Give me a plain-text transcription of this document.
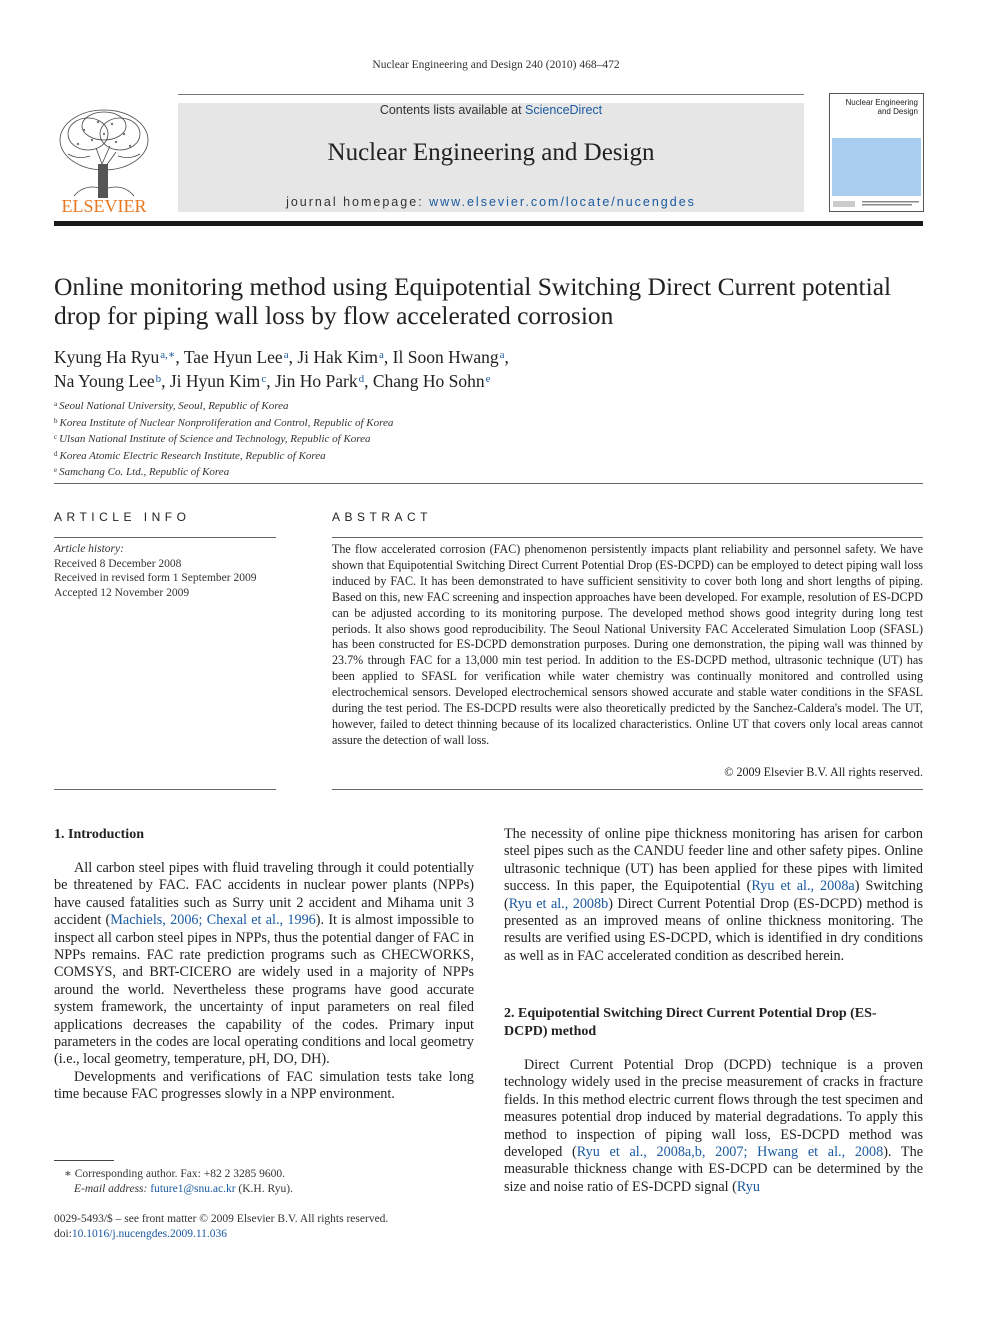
Nuclear Engineering and Design 240 (2010) 468–472
ELSEVIER
Contents lists available at ScienceDirect
Nuclear Engineering and Design
journal homepage: www.elsevier.com/locate/nucengdes
Nuclear Engineering and Design
Online monitoring method using Equipotential Switching Direct Current potential drop for piping wall loss by flow accelerated corrosion
Kyung Ha Ryu$^{a,∗}$, Tae Hyun Lee$^a$, Ji Hak Kim$^a$, Il Soon Hwang$^a$,
Na Young Lee$^b$, Ji Hyun Kim$^c$, Jin Ho Park$^d$, Chang Ho Sohn$^e$
$^a$ Seoul National University, Seoul, Republic of Korea
$^b$ Korea Institute of Nuclear Nonproliferation and Control, Republic of Korea
$^c$ Ulsan National Institute of Science and Technology, Republic of Korea
$^d$ Korea Atomic Electric Research Institute, Republic of Korea
$^e$ Samchang Co. Ltd., Republic of Korea
ARTICLE INFO
Article history:
Received 8 December 2008
Received in revised form 1 September 2009
Accepted 12 November 2009
ABSTRACT
The flow accelerated corrosion (FAC) phenomenon persistently impacts plant reliability and personnel safety. We have shown that Equipotential Switching Direct Current Potential Drop (ES-DCPD) can be employed to detect piping wall loss induced by FAC. It has been demonstrated to have sufficient sensitivity to cover both long and short lengths of piping. Based on this, new FAC screening and inspection approaches have been developed. For example, resolution of ES-DCPD can be adjusted according to its monitoring purpose. The developed method shows good integrity during long test periods. It also shows good reproducibility. The Seoul National University FAC Accelerated Simulation Loop (SFASL) has been constructed for ES-DCPD demonstration purposes. During one demonstration, the piping wall was thinned by 23.7% through FAC for a 13,000 min test period. In addition to the ES-DCPD method, ultrasonic technique (UT) has been applied to SFASL for verification while water chemistry was continually monitored and controlled using electrochemical sensors. Developed electrochemical sensors showed accurate and stable water conditions in the SFASL during the test period. The ES-DCPD results were also theoretically predicted by the Sanchez-Caldera's model. The UT, however, failed to detect thinning because of its localized characteristics. Online UT that covers only local areas cannot assure the detection of wall loss.
© 2009 Elsevier B.V. All rights reserved.
1. Introduction

All carbon steel pipes with fluid traveling through it could potentially be threatened by FAC. FAC accidents in nuclear power plants (NPPs) have caused fatalities such as Surry unit 2 accident and Mihama unit 3 accident (Machiels, 2006; Chexal et al., 1996). It is almost impossible to inspect all carbon steel pipes in NPPs, thus the potential danger of FAC in NPPs remains. FAC rate prediction programs such as CHECWORKS, COMSYS, and BRT-CICERO are widely used in a majority of NPPs around the world. Nevertheless these programs have good accurate system framework, the uncertainty of input parameters on real filed applications decreases the capability of the codes. Primary input parameters in the codes are local operating conditions and local geometry (i.e., local geometry, temperature, pH, DO, DH).

Developments and verifications of FAC simulation tests take long time because FAC progresses slowly in a NPP environment.

The necessity of online pipe thickness monitoring has arisen for carbon steel pipes such as the CANDU feeder line and other safety pipes. Online ultrasonic technique (UT) has been applied for these pipes with limited success. In this paper, the Equipotential (Ryu et al., 2008a) Switching (Ryu et al., 2008b) Direct Current Potential Drop (ES-DCPD) method is presented as an improved means of online thickness monitoring. The results are verified using ES-DCPD, which is identified in dry conditions as well as in FAC accelerated condition as described herein.

2. Equipotential Switching Direct Current Potential Drop (ES-DCPD) method

Direct Current Potential Drop (DCPD) technique is a proven technology widely used in the precise measurement of cracks in fracture fields. In this method electric current flows through the test specimen and measures potential drop induced by material degradations. To apply this method to inspection of piping wall loss, ES-DCPD method was developed (Ryu et al., 2008a,b, 2007; Hwang et al., 2008). The measurable thickness change with ES-DCPD can be determined by the size and noise ratio of ES-DCPD signal (Ryu

∗ Corresponding author. Fax: +82 2 3285 9600.
E-mail address: future1@snu.ac.kr (K.H. Ryu).
0029-5493/$ – see front matter © 2009 Elsevier B.V. All rights reserved.
doi:10.1016/j.nucengdes.2009.11.036
